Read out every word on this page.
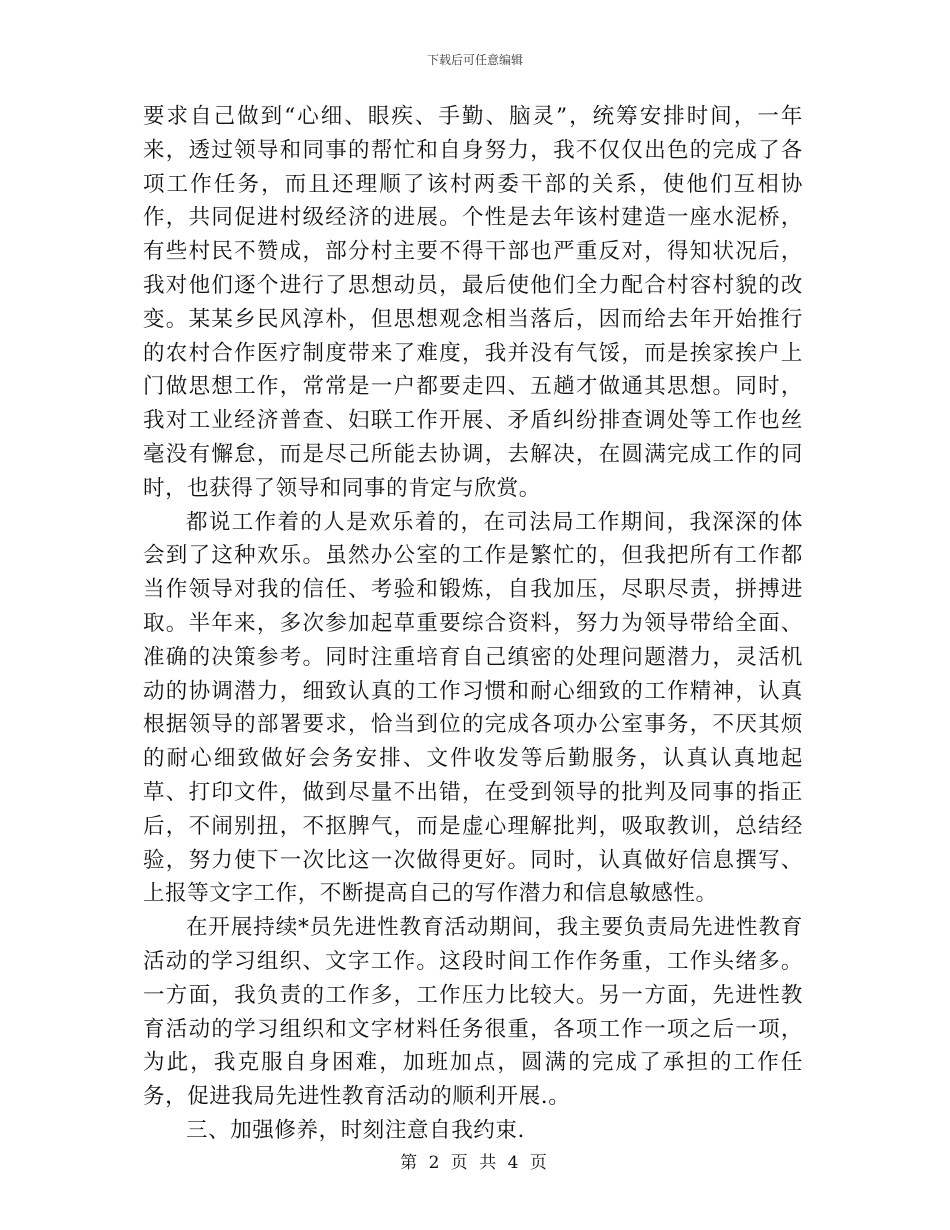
下载后可任意编辑

要求自己做到“心细、眼疾、手勤、脑灵”，统筹安排时间，一年来，透过领导和同事的帮忙和自身努力，我不仅仅出色的完成了各项工作任务，而且还理顺了该村两委干部的关系，使他们互相协作，共同促进村级经济的进展。个性是去年该村建造一座水泥桥，有些村民不赞成，部分村主要不得干部也严重反对，得知状况后，我对他们逐个进行了思想动员，最后使他们全力配合村容村貌的改变。某某乡民风淳朴，但思想观念相当落后，因而给去年开始推行的农村合作医疗制度带来了难度，我并没有气馁，而是挨家挨户上门做思想工作，常常是一户都要走四、五趟才做通其思想。同时，我对工业经济普查、妇联工作开展、矛盾纠纷排查调处等工作也丝毫没有懈怠，而是尽己所能去协调，去解决，在圆满完成工作的同时，也获得了领导和同事的肯定与欣赏。

都说工作着的人是欢乐着的，在司法局工作期间，我深深的体会到了这种欢乐。虽然办公室的工作是繁忙的，但我把所有工作都当作领导对我的信任、考验和锻炼，自我加压，尽职尽责，拼搏进取。半年来，多次参加起草重要综合资料，努力为领导带给全面、准确的决策参考。同时注重培育自己缜密的处理问题潜力，灵活机动的协调潜力，细致认真的工作习惯和耐心细致的工作精神，认真根据领导的部署要求，恰当到位的完成各项办公室事务，不厌其烦的耐心细致做好会务安排、文件收发等后勤服务，认真认真地起草、打印文件，做到尽量不出错，在受到领导的批判及同事的指正后，不闹别扭，不抠脾气，而是虚心理解批判，吸取教训，总结经验，努力使下一次比这一次做得更好。同时，认真做好信息撰写、上报等文字工作，不断提高自己的写作潜力和信息敏感性。

在开展持续*员先进性教育活动期间，我主要负责局先进性教育活动的学习组织、文字工作。这段时间工作作务重，工作头绪多。一方面，我负责的工作多，工作压力比较大。另一方面，先进性教育活动的学习组织和文字材料任务很重，各项工作一项之后一项，为此，我克服自身困难，加班加点，圆满的完成了承担的工作任务，促进我局先进性教育活动的顺利开展.。

三、加强修养，时刻注意自我约束.

第 2 页 共 4 页
